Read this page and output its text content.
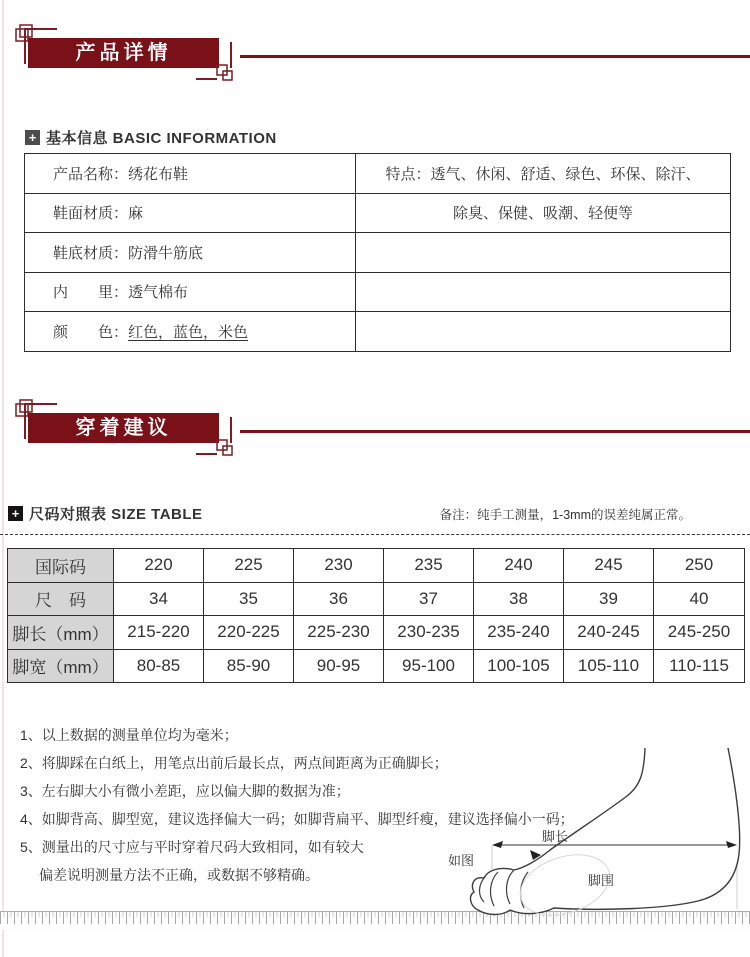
产品详情
+ 基本信息 BASIC INFORMATION
产品名称：绣花布鞋	特点：透气、休闲、舒适、绿色、环保、除汗、
鞋面材质：麻	除臭、保健、吸潮、轻便等
鞋底材质：防滑牛筋底	
内　　里：透气棉布	
颜　　色：红色，蓝色，米色	
穿着建议
+ 尺码对照表 SIZE TABLE	备注：纯手工测量，1-3mm的误差纯属正常。
国际码	220	225	230	235	240	245	250
尺　码	34	35	36	37	38	39	40
脚长（mm）	215-220	220-225	225-230	230-235	235-240	240-245	245-250
脚宽（mm）	80-85	85-90	90-95	95-100	100-105	105-110	110-115
1、以上数据的测量单位均为毫米；
2、将脚踩在白纸上，用笔点出前后最长点，两点间距离为正确脚长；
3、左右脚大小有微小差距，应以偏大脚的数据为准；
4、如脚背高、脚型宽，建议选择偏大一码；如脚背扁平、脚型纤瘦，建议选择偏小一码；
5、测量出的尺寸应与平时穿着尺码大致相同，如有较大
偏差说明测量方法不正确，或数据不够精确。
脚长
如图
脚围
